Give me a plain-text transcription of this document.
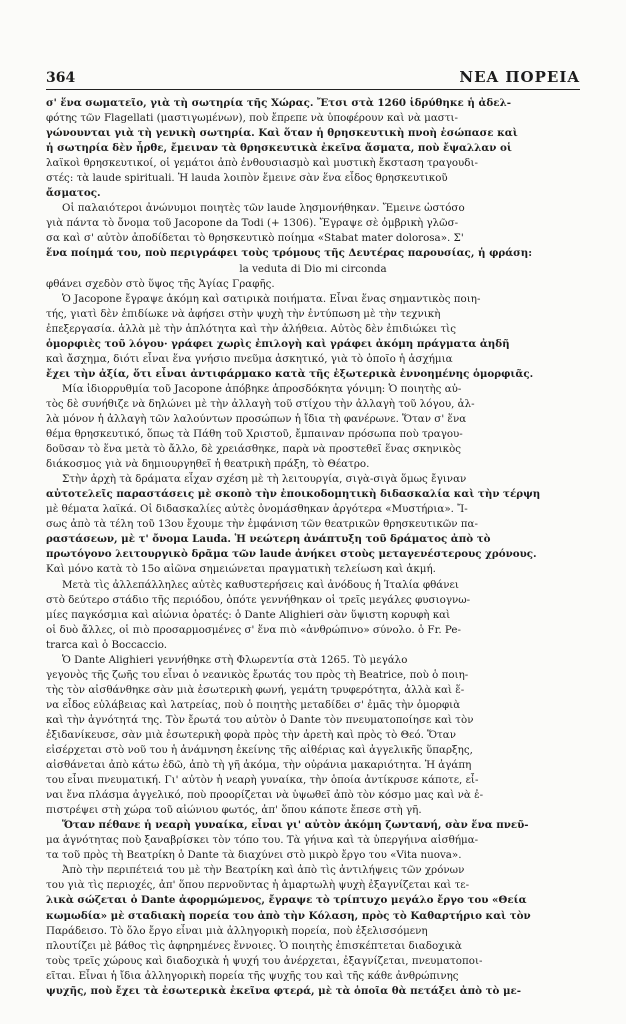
364	ΝΕΑ ΠΟΡΕΙΑ
σ' ἕνα σωματεῖο, γιὰ τὴ σωτηρία τῆς Χώρας. Ἔτσι στὰ 1260 ἱδρύθηκε ἡ ἀδελ-
φότης τῶν Flagellati (μαστιγωμένων), ποὺ ἔπρεπε νὰ ὑποφέρουν καὶ νὰ μαστι-
γώνουνται γιὰ τὴ γενικὴ σωτηρία. Καὶ ὅταν ἡ θρησκευτικὴ πνοὴ ἐσώπασε καὶ
ἡ σωτηρία δὲν ἦρθε, ἔμειναν τὰ θρησκευτικὰ ἐκεῖνα ἄσματα, ποὺ ἔψαλλαν οἱ
λαϊκοὶ θρησκευτικοί, οἱ γεμάτοι ἀπὸ ἐνθουσιασμὸ καὶ μυστικὴ ἔκσταση τραγουδι-
στές: τὰ laude spirituali. Ἡ lauda λοιπὸν ἔμεινε σὰν ἕνα εἶδος θρησκευτικοῦ
ἄσματος.
Οἱ παλαιότεροι ἀνώνυμοι ποιητὲς τῶν laude λησμονήθηκαν. Ἔμεινε ὡστόσο
γιὰ πάντα τὸ ὄνομα τοῦ Jacopone da Todi (+ 1306). Ἔγραψε σὲ ὀμβρικὴ γλῶσ-
σα καὶ σ' αὐτὸν ἀποδίδεται τὸ θρησκευτικὸ ποίημα «Stabat mater dolorosa». Σ'
ἕνα ποίημά του, ποὺ περιγράφει τοὺς τρόμους τῆς Δευτέρας παρουσίας, ἡ φράση:
la veduta di Dio mi circonda
φθάνει σχεδὸν στὸ ὕψος τῆς Ἁγίας Γραφῆς.
Ὁ Jacopone ἔγραψε ἀκόμη καὶ σατιρικὰ ποιήματα. Εἶναι ἕνας σημαντικὸς ποιη-
τής, γιατὶ δὲν ἐπιδίωκε νὰ ἀφήσει στὴν ψυχὴ τὴν ἐντύπωση μὲ τὴν τεχνικὴ
ἐπεξεργασία. ἀλλὰ μὲ τὴν ἁπλότητα καὶ τὴν ἀλήθεια. Αὐτὸς δὲν ἐπιδιώκει τὶς
ὁμορφιὲς τοῦ λόγου· γράφει χωρὶς ἐπιλογὴ καὶ γράφει ἀκόμη πράγματα ἀηδῆ
καὶ ἄσχημα, διότι εἶναι ἕνα γνήσιο πνεῦμα ἀσκητικό, γιὰ τὸ ὁποῖο ἡ ἀσχήμια
ἔχει τὴν ἀξία, ὅτι εἶναι ἀντιφάρμακο κατὰ τῆς ἐξωτερικὰ ἐννοημένης ὁμορφιᾶς.
Μία ἰδιορρυθμία τοῦ Jacopone ἀπόβηκε ἀπροσδόκητα γόνιμη: Ὁ ποιητὴς αὐ-
τὸς δὲ συνήθιζε νὰ δηλώνει μὲ τὴν ἀλλαγὴ τοῦ στίχου τὴν ἀλλαγὴ τοῦ λόγου, ἀλ-
λὰ μόνον ἡ ἀλλαγὴ τῶν λαλούντων προσώπων ἡ ἴδια τὴ φανέρωνε. Ὅταν σ' ἕνα
θέμα θρησκευτικό, ὅπως τὰ Πάθη τοῦ Χριστοῦ, ἔμπαιναν πρόσωπα ποὺ τραγου-
δοῦσαν τὸ ἕνα μετὰ τὸ ἄλλο, δὲ χρειάσθηκε, παρὰ νὰ προστεθεῖ ἕνας σκηνικὸς
διάκοσμος γιὰ νὰ δημιουργηθεῖ ἡ θεατρικὴ πράξη, τὸ Θέατρο.
Στὴν ἀρχὴ τὰ δράματα εἶχαν σχέση μὲ τὴ λειτουργία, σιγὰ-σιγὰ ὅμως ἔγιναν
αὐτοτελεῖς παραστάσεις μὲ σκοπὸ τὴν ἐποικοδομητικὴ διδασκαλία καὶ τὴν τέρψη
μὲ θέματα λαϊκά. Οἱ διδασκαλίες αὐτὲς ὀνομάσθηκαν ἀργότερα «Μυστήρια». Ἴ-
σως ἀπὸ τὰ τέλη τοῦ 13ου ἔχουμε τὴν ἐμφάνιση τῶν θεατρικῶν θρησκευτικῶν πα-
ραστάσεων, μὲ τ' ὄνομα Lauda. Ἡ νεώτερη ἀνάπτυξη τοῦ δράματος ἀπὸ τὸ
πρωτόγονο λειτουργικὸ δρᾶμα τῶν laude ἀνήκει στοὺς μεταγενέστερους χρόνους.
Καὶ μόνο κατὰ τὸ 15ο αἰῶνα σημειώνεται πραγματικὴ τελείωση καὶ ἀκμή.
Μετὰ τὶς ἀλλεπάλληλες αὐτὲς καθυστερήσεις καὶ ἀνόδους ἡ Ἰταλία φθάνει
στὸ δεύτερο στάδιο τῆς περιόδου, ὁπότε γεννήθηκαν οἱ τρεῖς μεγάλες φυσιογνω-
μίες παγκόσμια καὶ αἰώνια ὁρατές: ὁ Dante Alighieri σὰν ὕψιστη κορυφὴ καὶ
οἱ δυὸ ἄλλες, οἱ πιὸ προσαρμοσμένες σ' ἕνα πιὸ «ἀνθρώπινο» σύνολο. ὁ Fr. Pe-
trarca καὶ ὁ Boccaccio.
Ὁ Dante Alighieri γεννήθηκε στὴ Φλωρεντία στὰ 1265. Τὸ μεγάλο
γεγονὸς τῆς ζωῆς του εἶναι ὁ νεανικὸς ἔρωτάς του πρὸς τὴ Beatrice, ποὺ ὁ ποιη-
τὴς τὸν αἰσθάνθηκε σὰν μιὰ ἐσωτερικὴ φωνή, γεμάτη τρυφερότητα, ἀλλὰ καὶ ἕ-
να εἶδος εὐλάβειας καὶ λατρείας, ποὺ ὁ ποιητὴς μεταδίδει σ' ἐμᾶς τὴν ὀμορφιὰ
καὶ τὴν ἁγνότητά της. Τὸν ἔρωτά του αὐτὸν ὁ Dante τὸν πνευματοποίησε καὶ τὸν
ἐξιδανίκευσε, σὰν μιὰ ἐσωτερικὴ φορὰ πρὸς τὴν ἀρετὴ καὶ πρὸς τὸ Θεό. Ὅταν
εἰσέρχεται στὸ νοῦ του ἡ ἀνάμνηση ἐκείνης τῆς αἰθέριας καὶ ἀγγελικῆς ὕπαρξης,
αἰσθάνεται ἀπὸ κάτω ἐδῶ, ἀπὸ τὴ γῆ ἀκόμα, τὴν οὐράνια μακαριότητα. Ἡ ἀγάπη
του εἶναι πνευματική. Γι' αὐτὸν ἡ νεαρὴ γυναίκα, τὴν ὁποία ἀντίκρυσε κάποτε, εἶ-
ναι ἕνα πλάσμα ἀγγελικό, ποὺ προορίζεται νὰ ὑψωθεῖ ἀπὸ τὸν κόσμο μας καὶ νὰ ἐ-
πιστρέψει στὴ χώρα τοῦ αἰώνιου φωτός, ἀπ' ὅπου κάποτε ἔπεσε στὴ γῆ.
Ὅταν πέθανε ἡ νεαρὴ γυναίκα, εἶναι γι' αὐτὸν ἀκόμη ζωντανή, σὰν ἕνα πνεῦ-
μα ἁγνότητας ποὺ ξαναβρίσκει τὸν τόπο του. Τὰ γήινα καὶ τὰ ὑπεργήινα αἰσθήμα-
τα τοῦ πρὸς τὴ Βεατρίκη ὁ Dante τὰ διαχύνει στὸ μικρὸ ἔργο του «Vita nuova».
Ἀπὸ τὴν περιπέτειά του μὲ τὴν Βεατρίκη καὶ ἀπὸ τὶς ἀντιλήψεις τῶν χρόνων
του γιὰ τὶς περιοχές, ἀπ' ὅπου περνοῦντας ἡ ἁμαρτωλὴ ψυχὴ ἐξαγνίζεται καὶ τε-
λικὰ σώζεται ὁ Dante ἀφορμώμενος, ἔγραψε τὸ τρίπτυχο μεγάλο ἔργο του «Θεία
κωμωδία» μὲ σταδιακὴ πορεία του ἀπὸ τὴν Κόλαση, πρὸς τὸ Καθαρτήριο καὶ τὸν
Παράδεισο. Τὸ ὅλο ἔργο εἶναι μιὰ ἀλληγορικὴ πορεία, ποὺ ἐξελισσόμενη
πλουτίζει μὲ βάθος τὶς ἀφηρημένες ἔννοιες. Ὁ ποιητὴς ἐπισκέπτεται διαδοχικὰ
τοὺς τρεῖς χώρους καὶ διαδοχικὰ ἡ ψυχή του ἀνέρχεται, ἐξαγνίζεται, πνευματοποι-
εῖται. Εἶναι ἡ ἴδια ἀλληγορικὴ πορεία τῆς ψυχῆς του καὶ τῆς κάθε ἀνθρώπινης
ψυχῆς, ποὺ ἔχει τὰ ἐσωτερικὰ ἐκεῖνα φτερά, μὲ τὰ ὁποῖα θὰ πετάξει ἀπὸ τὸ με-
